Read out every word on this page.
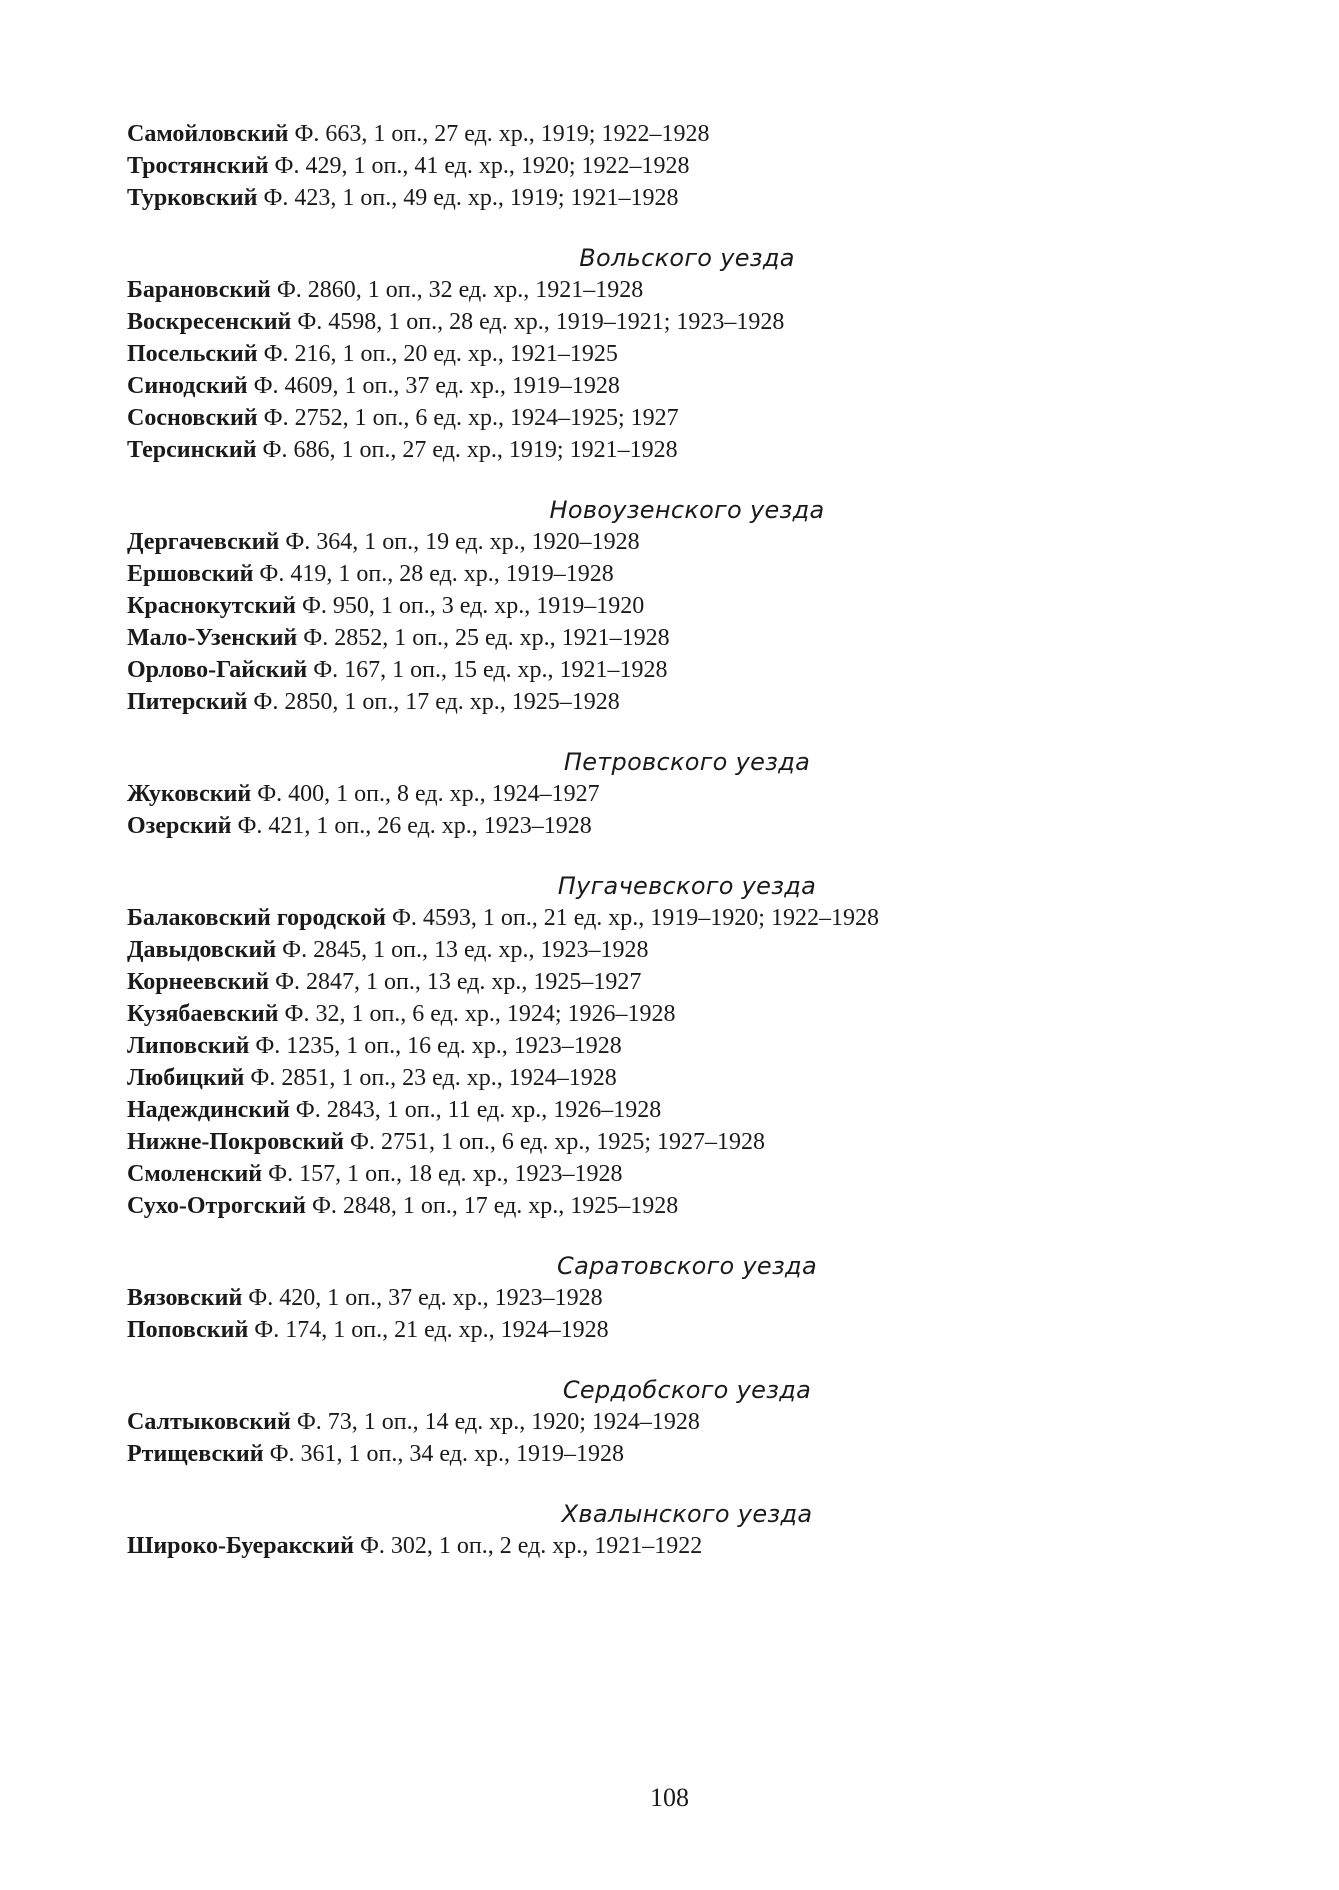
Самойловский Ф. 663, 1 оп., 27 ед. хр., 1919; 1922–1928
Тростянский Ф. 429, 1 оп., 41 ед. хр., 1920; 1922–1928
Турковский Ф. 423, 1 оп., 49 ед. хр., 1919; 1921–1928
Вольского уезда
Барановский Ф. 2860, 1 оп., 32 ед. хр., 1921–1928
Воскресенский Ф. 4598, 1 оп., 28 ед. хр., 1919–1921; 1923–1928
Посельский Ф. 216, 1 оп., 20 ед. хр., 1921–1925
Синодский Ф. 4609, 1 оп., 37 ед. хр., 1919–1928
Сосновский Ф. 2752, 1 оп., 6 ед. хр., 1924–1925; 1927
Терсинский Ф. 686, 1 оп., 27 ед. хр., 1919; 1921–1928
Новоузенского уезда
Дергачевский Ф. 364, 1 оп., 19 ед. хр., 1920–1928
Ершовский Ф. 419, 1 оп., 28 ед. хр., 1919–1928
Краснокутский Ф. 950, 1 оп., 3 ед. хр., 1919–1920
Мало-Узенский Ф. 2852, 1 оп., 25 ед. хр., 1921–1928
Орлово-Гайский Ф. 167, 1 оп., 15 ед. хр., 1921–1928
Питерский Ф. 2850, 1 оп., 17 ед. хр., 1925–1928
Петровского уезда
Жуковский Ф. 400, 1 оп., 8 ед. хр., 1924–1927
Озерский Ф. 421, 1 оп., 26 ед. хр., 1923–1928
Пугачевского уезда
Балаковский городской Ф. 4593, 1 оп., 21 ед. хр., 1919–1920; 1922–1928
Давыдовский Ф. 2845, 1 оп., 13 ед. хр., 1923–1928
Корнеевский Ф. 2847, 1 оп., 13 ед. хр., 1925–1927
Кузябаевский Ф. 32, 1 оп., 6 ед. хр., 1924; 1926–1928
Липовский Ф. 1235, 1 оп., 16 ед. хр., 1923–1928
Любицкий Ф. 2851, 1 оп., 23 ед. хр., 1924–1928
Надеждинский Ф. 2843, 1 оп., 11 ед. хр., 1926–1928
Нижне-Покровский Ф. 2751, 1 оп., 6 ед. хр., 1925; 1927–1928
Смоленский Ф. 157, 1 оп., 18 ед. хр., 1923–1928
Сухо-Отрогский Ф. 2848, 1 оп., 17 ед. хр., 1925–1928
Саратовского уезда
Вязовский Ф. 420, 1 оп., 37 ед. хр., 1923–1928
Поповский Ф. 174, 1 оп., 21 ед. хр., 1924–1928
Сердобского уезда
Салтыковский Ф. 73, 1 оп., 14 ед. хр., 1920; 1924–1928
Ртищевский Ф. 361, 1 оп., 34 ед. хр., 1919–1928
Хвалынского уезда
Широко-Буеракский Ф. 302, 1 оп., 2 ед. хр., 1921–1922
108
